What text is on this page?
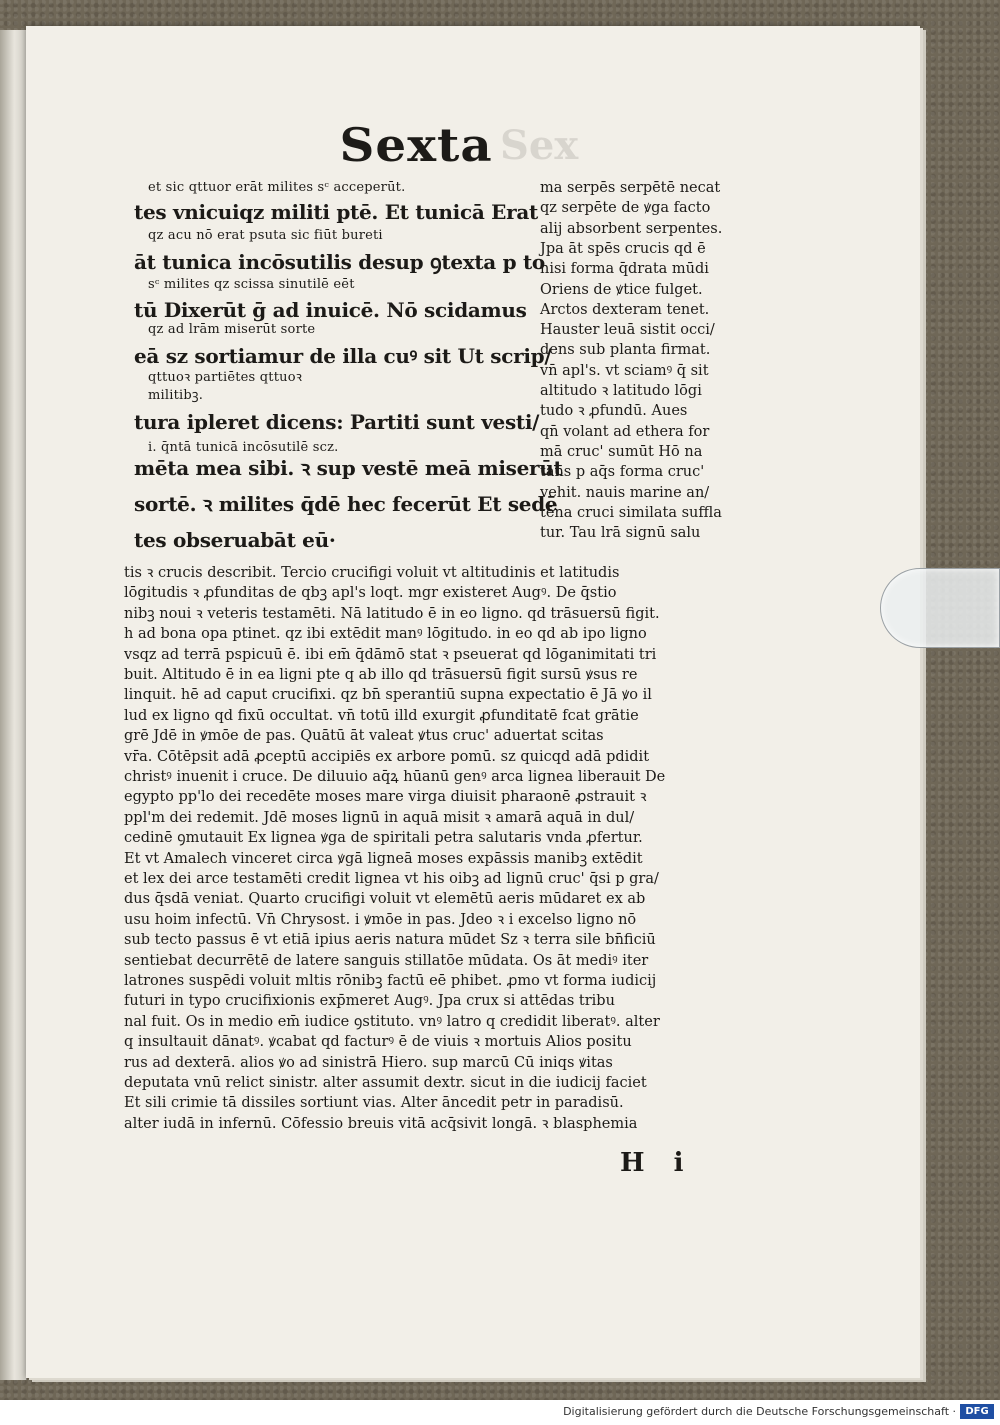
Sex
Sexta
et sic qttuor erāt milites sᶜ acceperūt.
tes vnicuiqz militi ptē. Et tunicā Erat
qz acu nō erat psuta sic fiūt bureti
āt tunica incōsutilis desup ꝯtexta p to
sᶜ milites qz scissa sinutilē eēt
tū Dixerūt ḡ ad inuicē. Nō scidamus
qz ad lrām miserūt sorte
eā sz sortiamur de illa cuꝰ sit Ut scrip/
qttuoꝛ partiētes qttuoꝛ
militibꝫ.
tura ipleret dicens: Partiti sunt vesti/
i. q̄ntā tunicā incōsutilē scz.
mēta mea sibi. ꝛ sup vestē meā miserūt
sortē. ꝛ milites q̄dē hec fecerūt Et sedē
tes obseruabāt eū·
ma serpēs serpētē necat
qz serpēte de ꝟga facto
alij absorbent serpentes.
Jpa āt spēs crucis qd ē
nisi forma q̄drata mūdi
Oriens de ꝟtice fulget.
Arctos dexteram tenet.
Hauster leuā sistit occi/
dens sub planta firmat.
vn̄ apl's. vt sciamꝰ q̄ sit
altitudo ꝛ latitudo lōgi
tudo ꝛ ꝓfundū. Aues
qn̄ volant ad ethera for
mā cruc' sumūt Hō na
tans p aq̄s forma cruc'
vehit. nauis marine an/
tēna cruci similata suffla
tur. Tau lrā signū salu
tis ꝛ crucis describit. Tercio crucifigi voluit vt altitudinis et latitudis
lōgitudis ꝛ ꝓfunditas de qbꝫ apl's loqt. mgr existeret Augꝰ. De q̄stio
nibꝫ noui ꝛ veteris testamēti. Nā latitudo ē in eo ligno. qd trāsuersū figit.
h ad bona opa ptinet. qz ibi extēdit manꝰ lōgitudo. in eo qd ab ipo ligno
vsqz ad terrā pspicuū ē. ibi em̄ q̄dāmō stat ꝛ pseuerat qd lōganimitati tri
buit. Altitudo ē in ea ligni pte q ab illo qd trāsuersū figit sursū ꝟsus re
linquit. hē ad caput crucifixi. qz bn̄ sperantiū supna expectatio ē Jā ꝟo il
lud ex ligno qd fixū occultat. vn̄ totū illd exurgit ꝓfunditatē fcat grātie
grē Jdē in ꝟmōe de pas. Quātū āt valeat ꝟtus cruc' aduertat scitas
vr̄a. Cōtēpsit adā ꝓceptū accipiēs ex arbore pomū. sz quicqd adā pdidit
christꝰ inuenit i cruce. De diluuio aq̄ꝝ hūanū genꝰ arca lignea liberauit De
egypto pp'lo dei recedēte moses mare virga diuisit pharaonē ꝓstrauit ꝛ
ppl'm dei redemit. Jdē moses lignū in aquā misit ꝛ amarā aquā in dul/
cedinē ꝯmutauit Ex lignea ꝟga de spiritali petra salutaris vnda ꝓfertur.
Et vt Amalech vinceret circa ꝟgā ligneā moses expāssis manibꝫ extēdit
et lex dei arce testamēti credit lignea vt his oibꝫ ad lignū cruc' q̄si p gra/
dus q̄sdā veniat. Quarto crucifigi voluit vt elemētū aeris mūdaret ex ab
usu hoim infectū. Vn̄ Chrysost. i ꝟmōe in pas. Jdeo ꝛ i excelso ligno nō
sub tecto passus ē vt etiā ipius aeris natura mūdet Sz ꝛ terra sile bn̄ficiū
sentiebat decurrētē de latere sanguis stillatōe mūdata. Os āt mediꝰ iter
latrones suspēdi voluit mltis rōnibꝫ factū eē phibet. ꝓmo vt forma iudicij
futuri in typo crucifixionis exp̄meret Augꝰ. Jpa crux si attēdas tribu
nal fuit. Os in medio em̄ iudice ꝯstituto. vnꝰ latro q credidit liberatꝰ. alter
q insultauit dānatꝰ. ꝟcabat qd facturꝰ ē de viuis ꝛ mortuis Alios positu
rus ad dexterā. alios ꝟo ad sinistrā Hiero. sup marcū Cū iniqs ꝟitas
deputata vnū relict sinistr. alter assumit dextr. sicut in die iudicij faciet
Et sili crimie tā dissiles sortiunt vias. Alter āncedit petr in paradisū.
alter iudā in infernū. Cōfessio breuis vitā acq̄sivit longā. ꝛ blasphemia
H i
Digitalisierung gefördert durch die Deutsche Forschungsgemeinschaft · DFG
